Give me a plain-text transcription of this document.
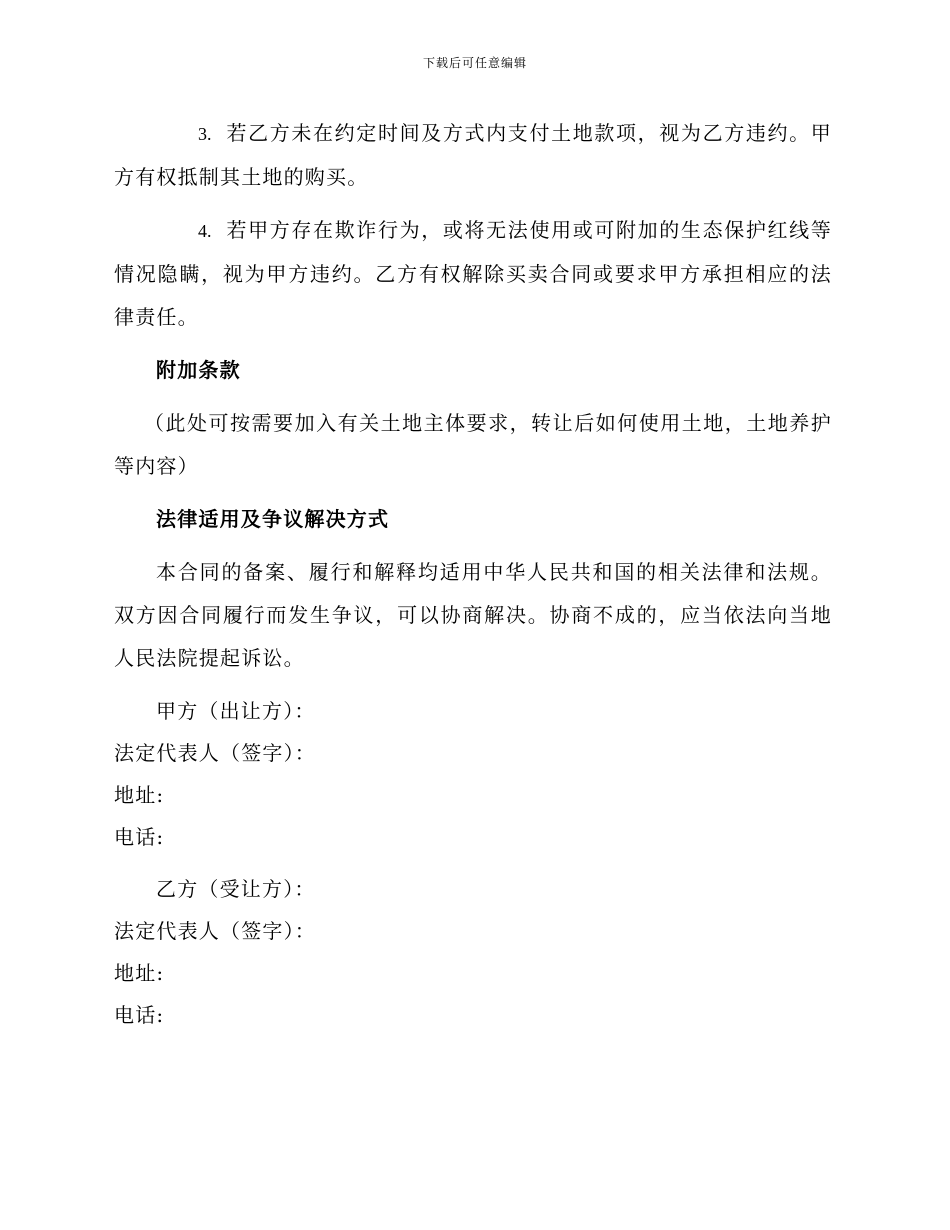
下载后可任意编辑

3. 若乙方未在约定时间及方式内支付土地款项，视为乙方违约。甲方有权抵制其土地的购买。

4. 若甲方存在欺诈行为，或将无法使用或可附加的生态保护红线等情况隐瞒，视为甲方违约。乙方有权解除买卖合同或要求甲方承担相应的法律责任。

附加条款

（此处可按需要加入有关土地主体要求，转让后如何使用土地，土地养护等内容）

法律适用及争议解决方式

本合同的备案、履行和解释均适用中华人民共和国的相关法律和法规。双方因合同履行而发生争议，可以协商解决。协商不成的，应当依法向当地人民法院提起诉讼。

甲方（出让方）：
法定代表人（签字）：
地址:
电话:
乙方（受让方）：
法定代表人（签字）：
地址:
电话:
